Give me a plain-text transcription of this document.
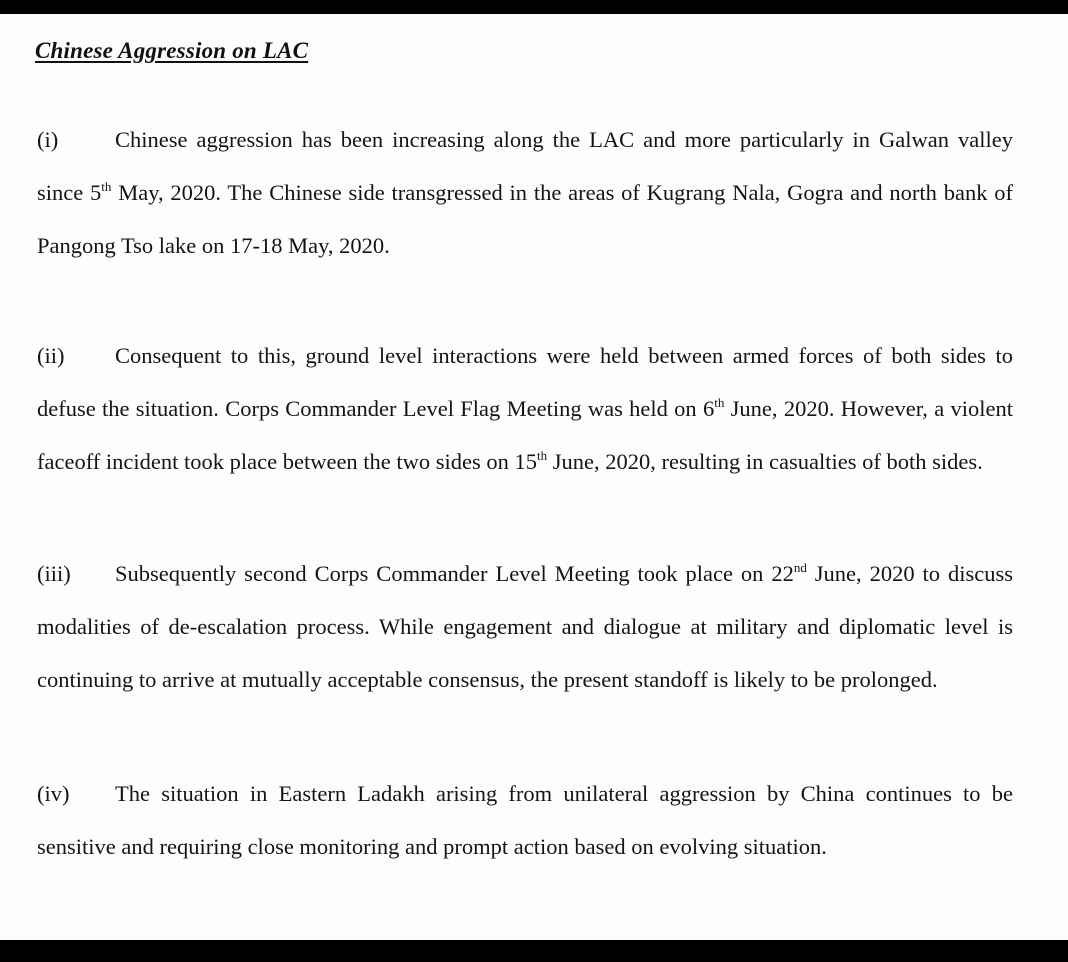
Chinese Aggression on LAC

(i)	Chinese aggression has been increasing along the LAC and more particularly in Galwan valley since 5th May, 2020. The Chinese side transgressed in the areas of Kugrang Nala, Gogra and north bank of Pangong Tso lake on 17-18 May, 2020.

(ii) Consequent to this, ground level interactions were held between armed forces of both sides to defuse the situation. Corps Commander Level Flag Meeting was held on 6th June, 2020. However, a violent faceoff incident took place between the two sides on 15th June, 2020, resulting in casualties of both sides.

(iii) Subsequently second Corps Commander Level Meeting took place on 22nd June, 2020 to discuss modalities of de-escalation process. While engagement and dialogue at military and diplomatic level is continuing to arrive at mutually acceptable consensus, the present standoff is likely to be prolonged.

(iv) The situation in Eastern Ladakh arising from unilateral aggression by China continues to be sensitive and requiring close monitoring and prompt action based on evolving situation.
